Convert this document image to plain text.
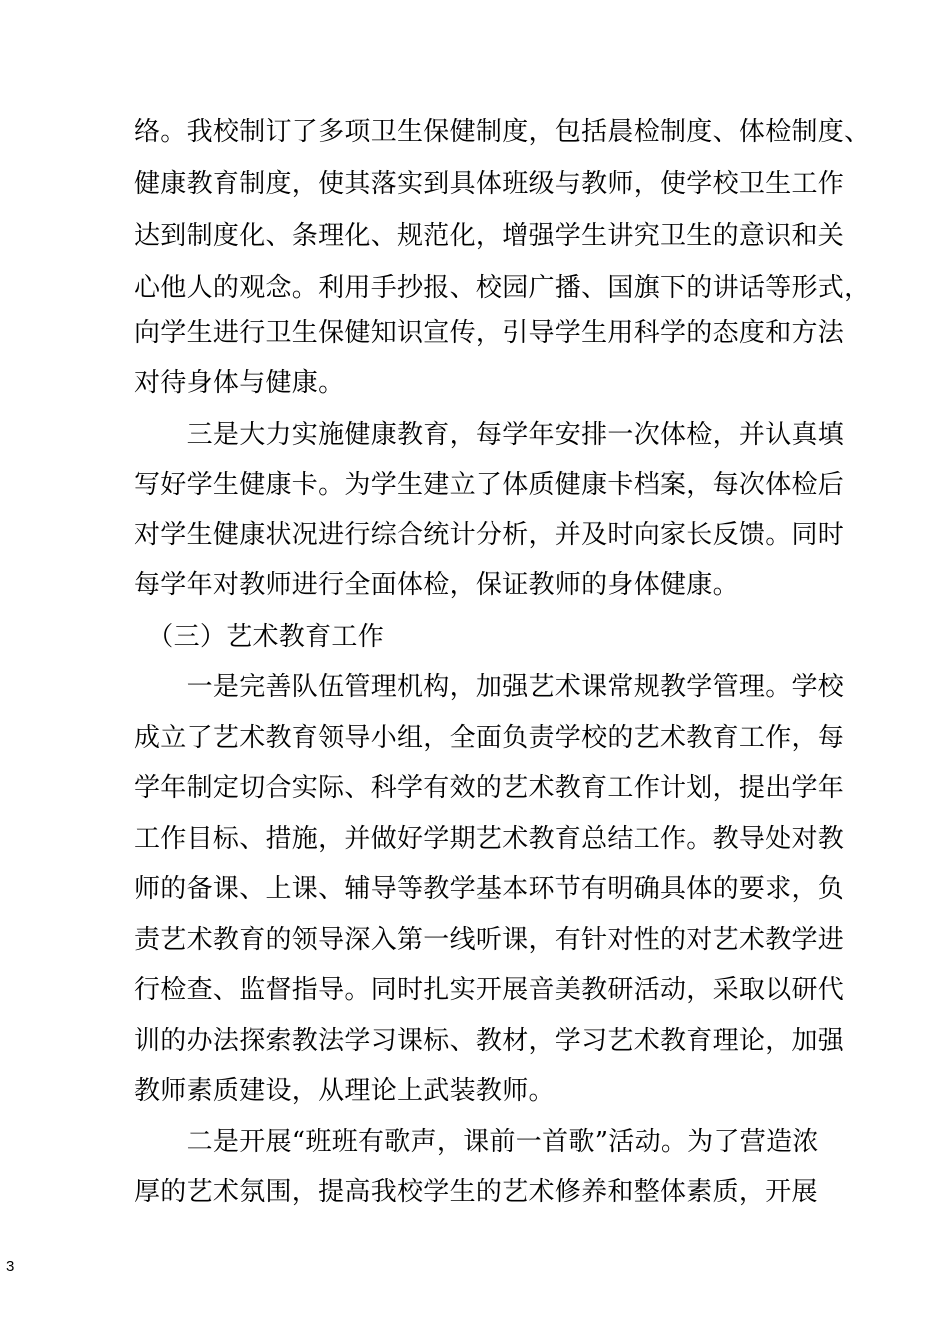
络。我校制订了多项卫生保健制度，包括晨检制度、体检制度、
健康教育制度，使其落实到具体班级与教师，使学校卫生工作
达到制度化、条理化、规范化，增强学生讲究卫生的意识和关
心他人的观念。利用手抄报、校园广播、国旗下的讲话等形式，
向学生进行卫生保健知识宣传，引导学生用科学的态度和方法
对待身体与健康。
　　三是大力实施健康教育，每学年安排一次体检，并认真填
写好学生健康卡。为学生建立了体质健康卡档案，每次体检后
对学生健康状况进行综合统计分析，并及时向家长反馈。同时
每学年对教师进行全面体检，保证教师的身体健康。
　（三）艺术教育工作
　　一是完善队伍管理机构，加强艺术课常规教学管理。学校
成立了艺术教育领导小组，全面负责学校的艺术教育工作，每
学年制定切合实际、科学有效的艺术教育工作计划，提出学年
工作目标、措施，并做好学期艺术教育总结工作。教导处对教
师的备课、上课、辅导等教学基本环节有明确具体的要求，负
责艺术教育的领导深入第一线听课，有针对性的对艺术教学进
行检查、监督指导。同时扎实开展音美教研活动，采取以研代
训的办法探索教法学习课标、教材，学习艺术教育理论，加强
教师素质建设，从理论上武装教师。
　　二是开展“班班有歌声，课前一首歌”活动。为了营造浓
厚的艺术氛围，提高我校学生的艺术修养和整体素质，开展
3
